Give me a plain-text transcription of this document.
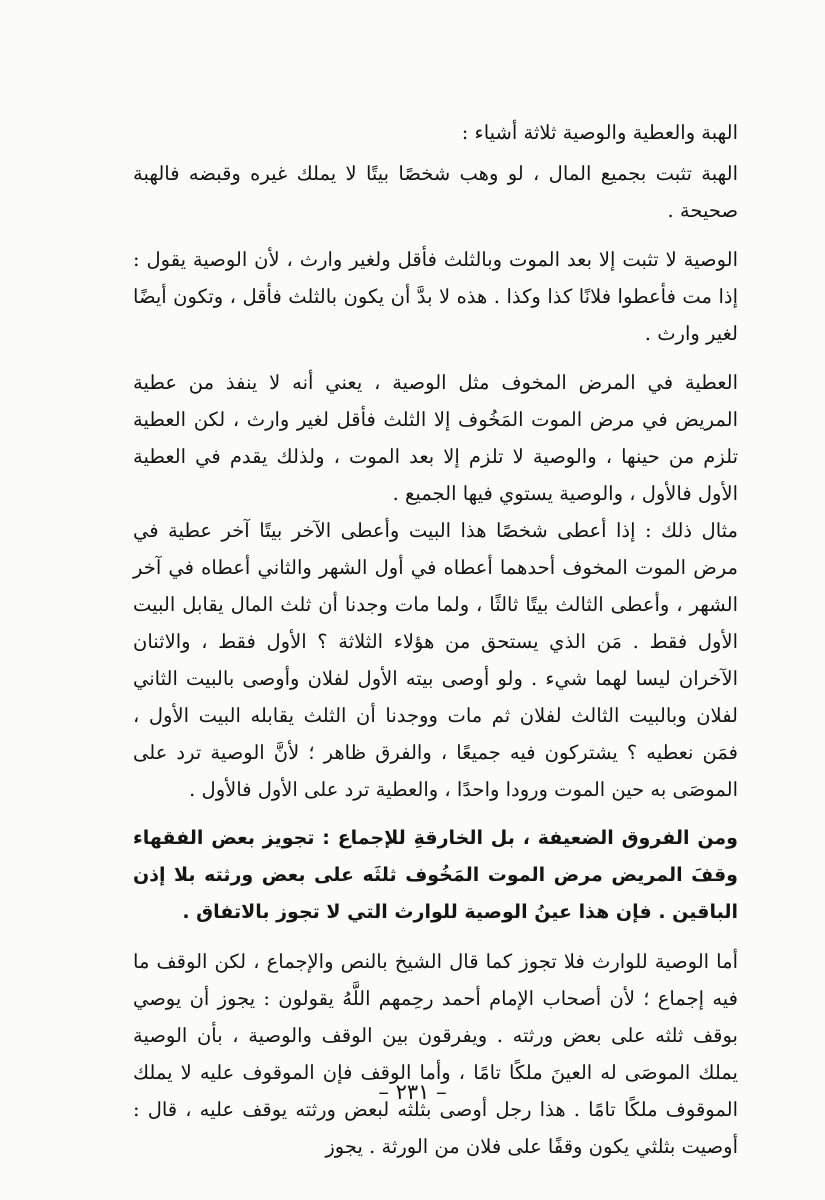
الهبة والعطية والوصية ثلاثة أشياء :

الهبة تثبت بجميع المال ، لو وهب شخصًا بيتًا لا يملك غيره وقبضه فالهبة صحيحة .

الوصية لا تثبت إلا بعد الموت وبالثلث فأقل ولغير وارث ، لأن الوصية يقول : إذا مت فأعطوا فلانًا كذا وكذا . هذه لا بدَّ أن يكون بالثلث فأقل ، وتكون أيضًا لغير وارث .

العطية في المرض المخوف مثل الوصية ، يعني أنه لا ينفذ من عطية المريض في مرض الموت المَخُوف إلا الثلث فأقل لغير وارث ، لكن العطية تلزم من حينها ، والوصية لا تلزم إلا بعد الموت ، ولذلك يقدم في العطية الأول فالأول ، والوصية يستوي فيها الجميع .

مثال ذلك : إذا أعطى شخصًا هذا البيت وأعطى الآخر بيتًا آخر عطية في مرض الموت المخوف أحدهما أعطاه في أول الشهر والثاني أعطاه في آخر الشهر ، وأعطى الثالث بيتًا ثالثًا ، ولما مات وجدنا أن ثلث المال يقابل البيت الأول فقط . مَن الذي يستحق من هؤلاء الثلاثة ؟ الأول فقط ، والاثنان الآخران ليسا لهما شيء . ولو أوصى بيته الأول لفلان وأوصى بالبيت الثاني لفلان وبالبيت الثالث لفلان ثم مات ووجدنا أن الثلث يقابله البيت الأول ، فمَن نعطيه ؟ يشتركون فيه جميعًا ، والفرق ظاهر ؛ لأنَّ الوصية ترد على الموصَى به حين الموت ورودا واحدًا ، والعطية ترد على الأول فالأول .

ومن الفروق الضعيفة ، بل الخارقةِ للإجماع : تجويز بعض الفقهاء وقفَ المريض مرض الموت المَخُوف ثلثَه على بعض ورثته بلا إذن الباقين . فإن هذا عينُ الوصية للوارث التي لا تجوز بالاتفاق .

أما الوصية للوارث فلا تجوز كما قال الشيخ بالنص والإجماع ، لكن الوقف ما فيه إجماع ؛ لأن أصحاب الإمام أحمد رحِمهم اللَّهُ يقولون : يجوز أن يوصي بوقف ثلثه على بعض ورثته . ويفرقون بين الوقف والوصية ، بأن الوصية يملك الموصَى له العينَ ملكًا تامًا ، وأما الوقف فإن الموقوف عليه لا يملك الموقوف ملكًا تامًا . هذا رجل أوصى بثلثه لبعض ورثته يوقف عليه ، قال : أوصيت بثلثي يكون وقفًا على فلان من الورثة . يجوز

– ٢٣١ –
